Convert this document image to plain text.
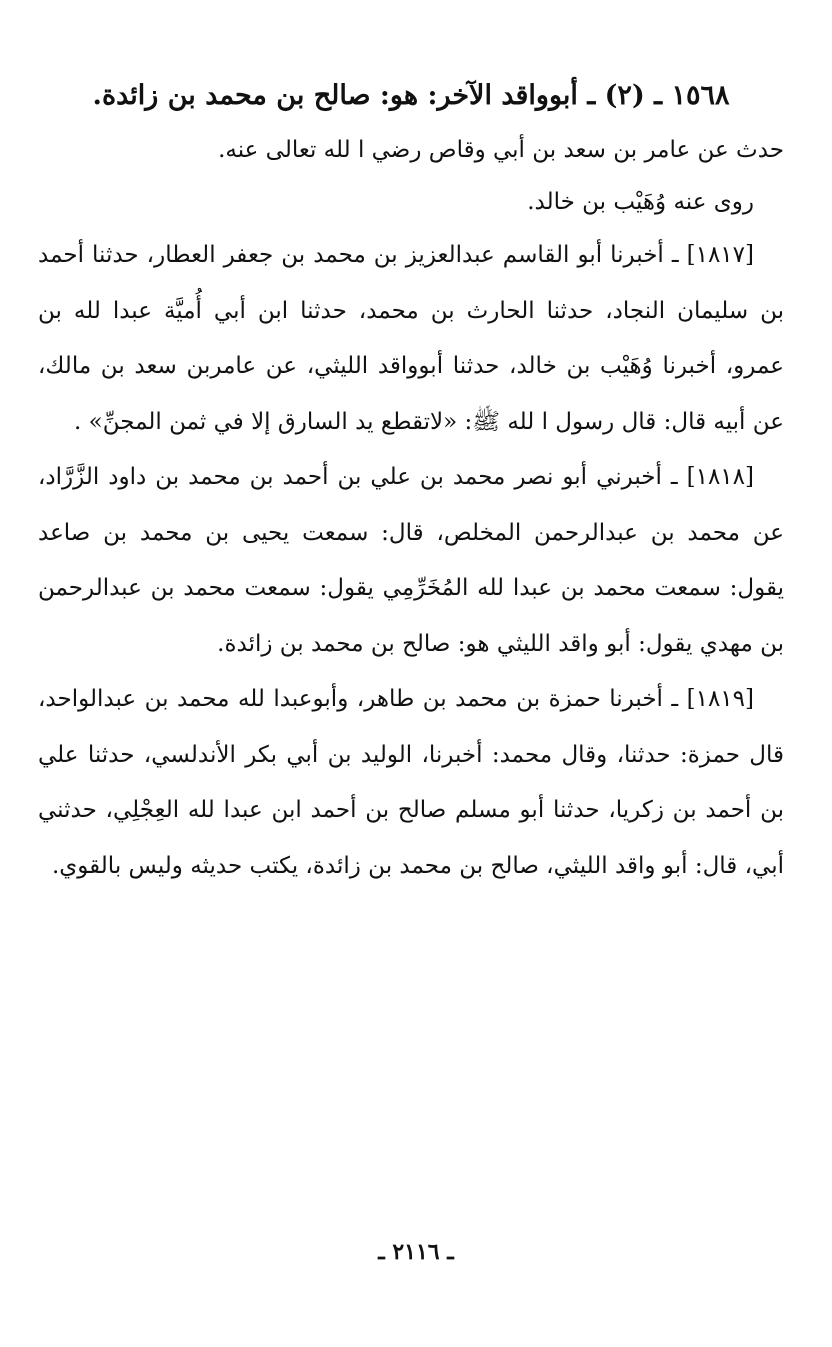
١٥٦٨ ـ (٢) ـ أبوواقد الآخر: هو: صالح بن محمد بن زائدة.

حدث عن عامر بن سعد بن أبي وقاص رضي ا لله تعالى عنه.

روى عنه وُهَيْب بن خالد.

[١٨١٧] ـ أخبرنا أبو القاسم عبدالعزيز بن محمد بن جعفر العطار، حدثنا أحمد بن سليمان النجاد، حدثنا الحارث بن محمد، حدثنا ابن أبي أُميَّة عبدا لله بن عمرو، أخبرنا وُهَيْب بن خالد، حدثنا أبوواقد الليثي، عن عامربن سعد بن مالك، عن أبيه قال: قال رسول ا لله ﷺ: «لاتقطع يد السارق إلا في ثمن المجنِّ» .

[١٨١٨] ـ أخبرني أبو نصر محمد بن علي بن أحمد بن محمد بن داود الزَّرَّاد، عن محمد بن عبدالرحمن المخلص، قال: سمعت يحيى بن محمد بن صاعد يقول: سمعت محمد بن عبدا لله المُخَرِّمِي يقول: سمعت محمد بن عبدالرحمن بن مهدي يقول: أبو واقد الليثي هو: صالح بن محمد بن زائدة.

[١٨١٩] ـ أخبرنا حمزة بن محمد بن طاهر، وأبوعبدا لله محمد بن عبدالواحد، قال حمزة: حدثنا، وقال محمد: أخبرنا، الوليد بن أبي بكر الأندلسي، حدثنا علي بن أحمد بن زكريا، حدثنا أبو مسلم صالح بن أحمد ابن عبدا لله العِجْلِي، حدثني أبي، قال: أبو واقد الليثي، صالح بن محمد بن زائدة، يكتب حديثه وليس بالقوي.

ـ ٢١١٦ ـ
